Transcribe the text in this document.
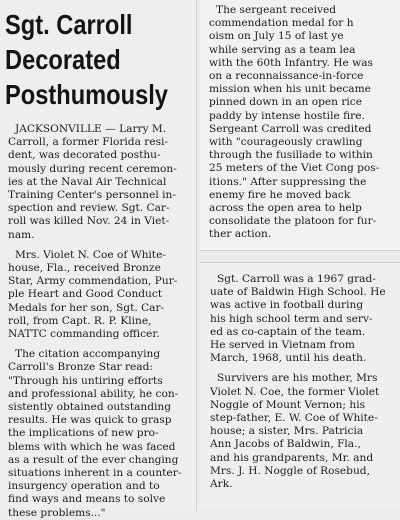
Sgt. Carroll
Decorated
Posthumously
JACKSONVILLE — Larry M.
Carroll, a former Florida resi-
dent, was decorated posthu-
mously during recent ceremon-
ies at the Naval Air Technical
Training Center's personnel in-
spection and review. Sgt. Car-
roll was killed Nov. 24 in Viet-
nam.
Mrs. Violet N. Coe of White-
house, Fla., received Bronze
Star, Army commendation, Pur-
ple Heart and Good Conduct
Medals for her son, Sgt. Car-
roll, from Capt. R. P. Kline,
NATTC commanding officer.
The citation accompanying
Carroll's Bronze Star read:
"Through his untiring efforts
and professional ability, he con-
sistently obtained outstanding
results. He was quick to grasp
the implications of new pro-
blems with which he was faced
as a result of the ever changing
situations inherent in a counter-
insurgency operation and to
find ways and means to solve
these problems..."
The sergeant received
commendation medal for h
oism on July 15 of last ye
while serving as a team lea
with the 60th Infantry. He was
on a reconnaissance-in-force
mission when his unit became
pinned down in an open rice
paddy by intense hostile fire.
Sergeant Carroll was credited
with "courageously crawling
through the fusillade to within
25 meters of the Viet Cong pos-
itions." After suppressing the
enemy fire he moved back
across the open area to help
consolidate the platoon for fur-
ther action.
Sgt. Carroll was a 1967 grad-
uate of Baldwin High School. He
was active in football during
his high school term and serv-
ed as co-captain of the team.
He served in Vietnam from
March, 1968, until his death.
Survivers are his mother, Mrs
Violet N. Coe, the former Violet
Noggle of Mount Vernon; his
step-father, E. W. Coe of White-
house; a sister, Mrs. Patricia
Ann Jacobs of Baldwin, Fla.,
and his grandparents, Mr. and
Mrs. J. H. Noggle of Rosebud,
Ark.
